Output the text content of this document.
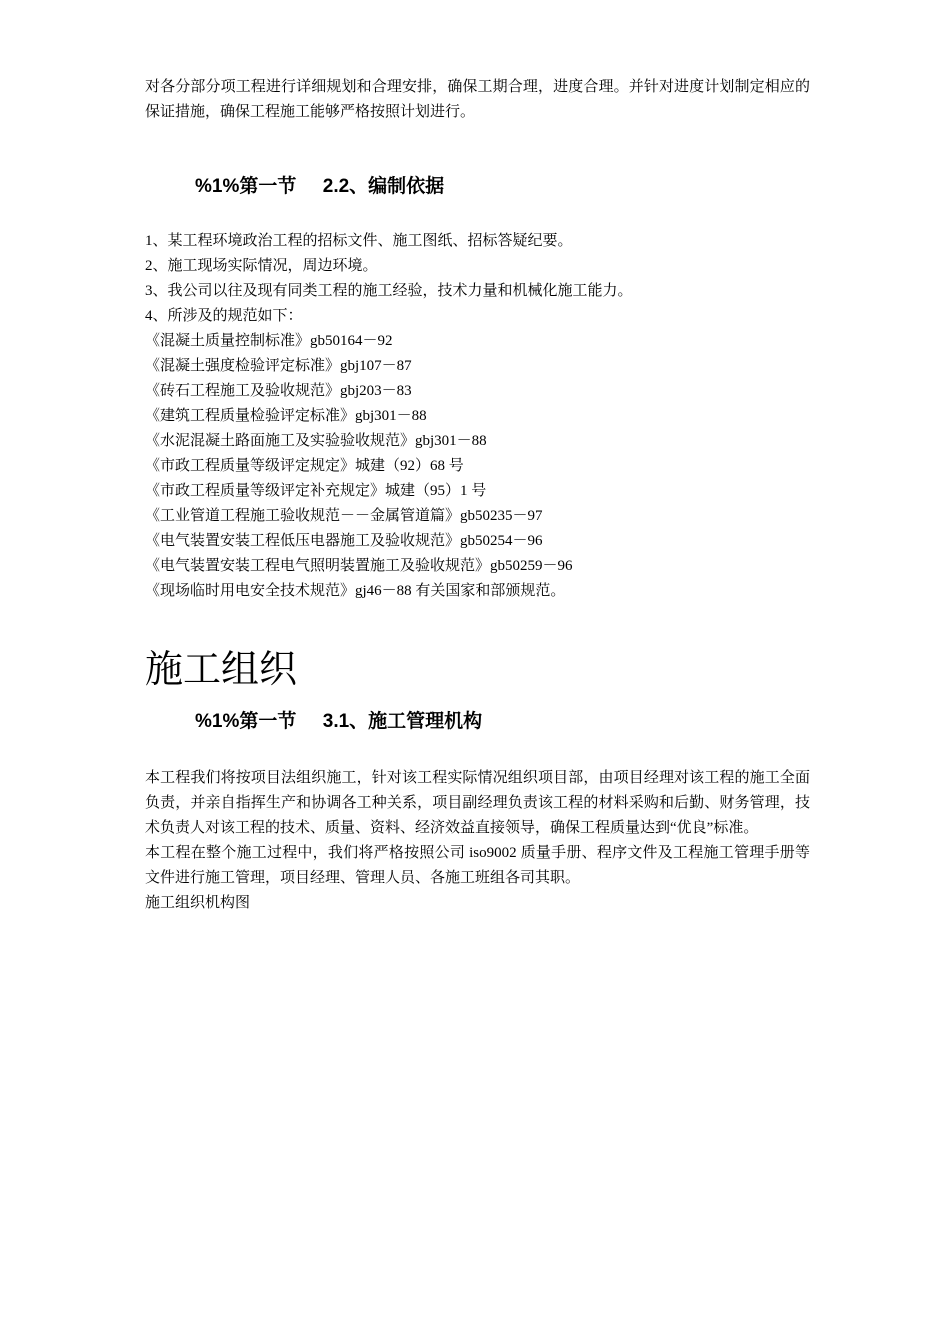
对各分部分项工程进行详细规划和合理安排，确保工期合理，进度合理。并针对进度计划制定相应的保证措施，确保工程施工能够严格按照计划进行。

%1%第一节 2.2、编制依据

1、某工程环境政治工程的招标文件、施工图纸、招标答疑纪要。

2、施工现场实际情况，周边环境。

3、我公司以往及现有同类工程的施工经验，技术力量和机械化施工能力。

4、所涉及的规范如下：

《混凝土质量控制标准》gb50164－92

《混凝土强度检验评定标准》gbj107－87

《砖石工程施工及验收规范》gbj203－83

《建筑工程质量检验评定标准》gbj301－88

《水泥混凝土路面施工及实验验收规范》gbj301－88

《市政工程质量等级评定规定》城建（92）68 号

《市政工程质量等级评定补充规定》城建（95）1 号

《工业管道工程施工验收规范－－金属管道篇》gb50235－97

《电气装置安装工程低压电器施工及验收规范》gb50254－96

《电气装置安装工程电气照明装置施工及验收规范》gb50259－96

《现场临时用电安全技术规范》gj46－88 有关国家和部颁规范。

施工组织
%1%第一节 3.1、施工管理机构

本工程我们将按项目法组织施工，针对该工程实际情况组织项目部，由项目经理对该工程的施工全面负责，并亲自指挥生产和协调各工种关系，项目副经理负责该工程的材料采购和后勤、财务管理，技术负责人对该工程的技术、质量、资料、经济效益直接领导，确保工程质量达到“优良”标准。

本工程在整个施工过程中，我们将严格按照公司 iso9002 质量手册、程序文件及工程施工管理手册等文件进行施工管理，项目经理、管理人员、各施工班组各司其职。

施工组织机构图
